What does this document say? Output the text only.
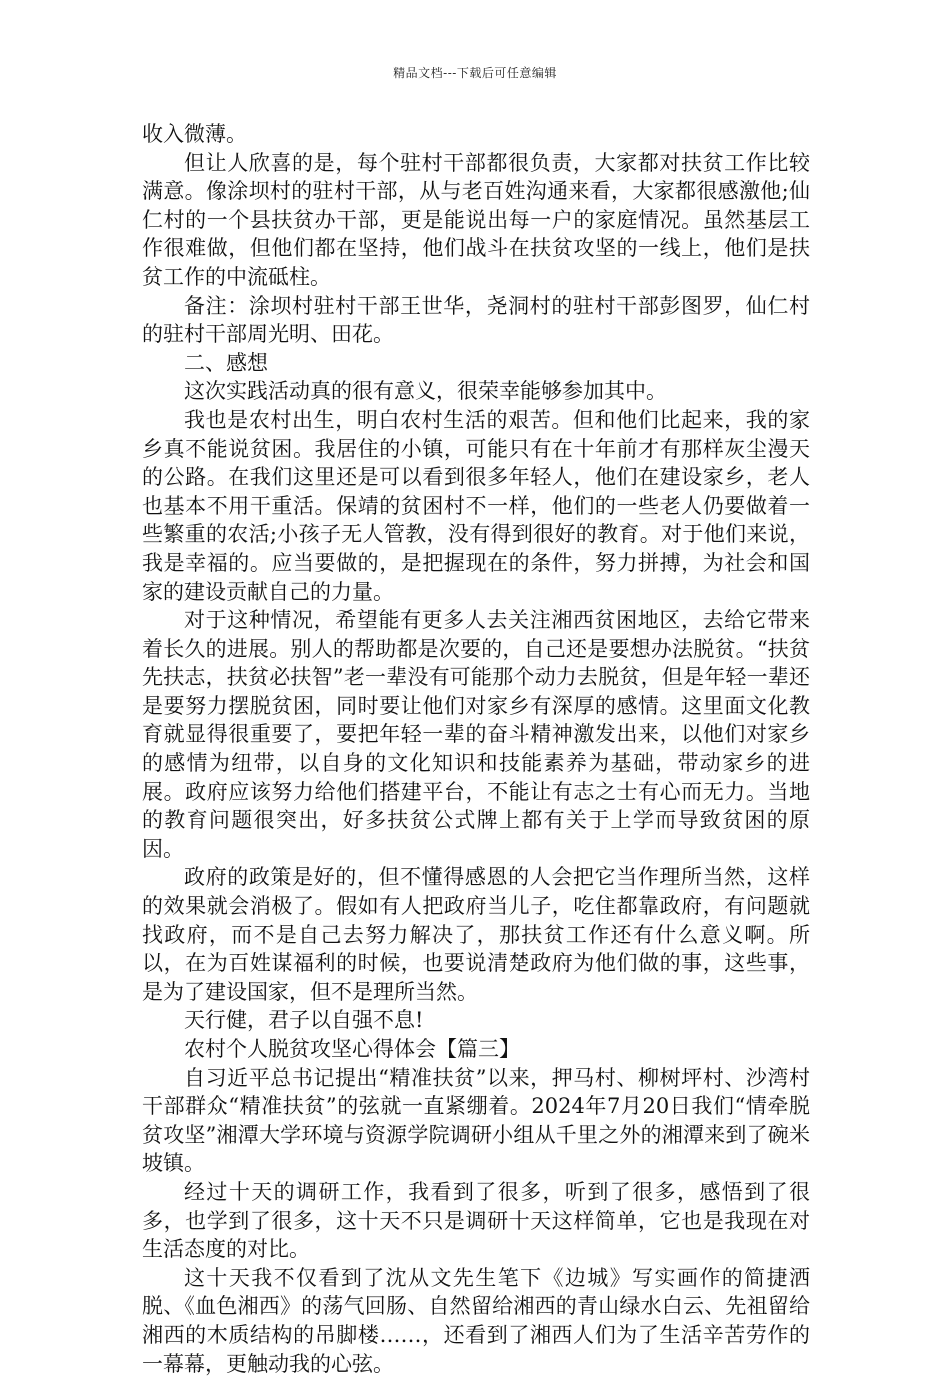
精品文档---下载后可任意编辑

收入微薄。

但让人欣喜的是，每个驻村干部都很负责，大家都对扶贫工作比较满意。像涂坝村的驻村干部，从与老百姓沟通来看，大家都很感激他;仙仁村的一个县扶贫办干部，更是能说出每一户的家庭情况。虽然基层工作很难做，但他们都在坚持，他们战斗在扶贫攻坚的一线上，他们是扶贫工作的中流砥柱。

备注：涂坝村驻村干部王世华，尧洞村的驻村干部彭图罗，仙仁村的驻村干部周光明、田花。

二、感想

这次实践活动真的很有意义，很荣幸能够参加其中。

我也是农村出生，明白农村生活的艰苦。但和他们比起来，我的家乡真不能说贫困。我居住的小镇，可能只有在十年前才有那样灰尘漫天的公路。在我们这里还是可以看到很多年轻人，他们在建设家乡，老人也基本不用干重活。保靖的贫困村不一样，他们的一些老人仍要做着一些繁重的农活;小孩子无人管教，没有得到很好的教育。对于他们来说，我是幸福的。应当要做的，是把握现在的条件，努力拼搏，为社会和国家的建设贡献自己的力量。

对于这种情况，希望能有更多人去关注湘西贫困地区，去给它带来着长久的进展。别人的帮助都是次要的，自己还是要想办法脱贫。“扶贫先扶志，扶贫必扶智”老一辈没有可能那个动力去脱贫，但是年轻一辈还是要努力摆脱贫困，同时要让他们对家乡有深厚的感情。这里面文化教育就显得很重要了，要把年轻一辈的奋斗精神激发出来，以他们对家乡的感情为纽带，以自身的文化知识和技能素养为基础，带动家乡的进展。政府应该努力给他们搭建平台，不能让有志之士有心而无力。当地的教育问题很突出，好多扶贫公式牌上都有关于上学而导致贫困的原因。

政府的政策是好的，但不懂得感恩的人会把它当作理所当然，这样的效果就会消极了。假如有人把政府当儿子，吃住都靠政府，有问题就找政府，而不是自己去努力解决了，那扶贫工作还有什么意义啊。所以，在为百姓谋福利的时候，也要说清楚政府为他们做的事，这些事，是为了建设国家，但不是理所当然。

天行健，君子以自强不息!

农村个人脱贫攻坚心得体会【篇三】

自习近平总书记提出“精准扶贫”以来，押马村、柳树坪村、沙湾村干部群众“精准扶贫”的弦就一直紧绷着。2024年7月20日我们“情牵脱贫攻坚”湘潭大学环境与资源学院调研小组从千里之外的湘潭来到了碗米坡镇。

经过十天的调研工作，我看到了很多，听到了很多，感悟到了很多，也学到了很多，这十天不只是调研十天这样简单，它也是我现在对生活态度的对比。

这十天我不仅看到了沈从文先生笔下《边城》写实画作的简捷洒脱、《血色湘西》的荡气回肠、自然留给湘西的青山绿水白云、先祖留给湘西的木质结构的吊脚楼……，还看到了湘西人们为了生活辛苦劳作的一幕幕，更触动我的心弦。
